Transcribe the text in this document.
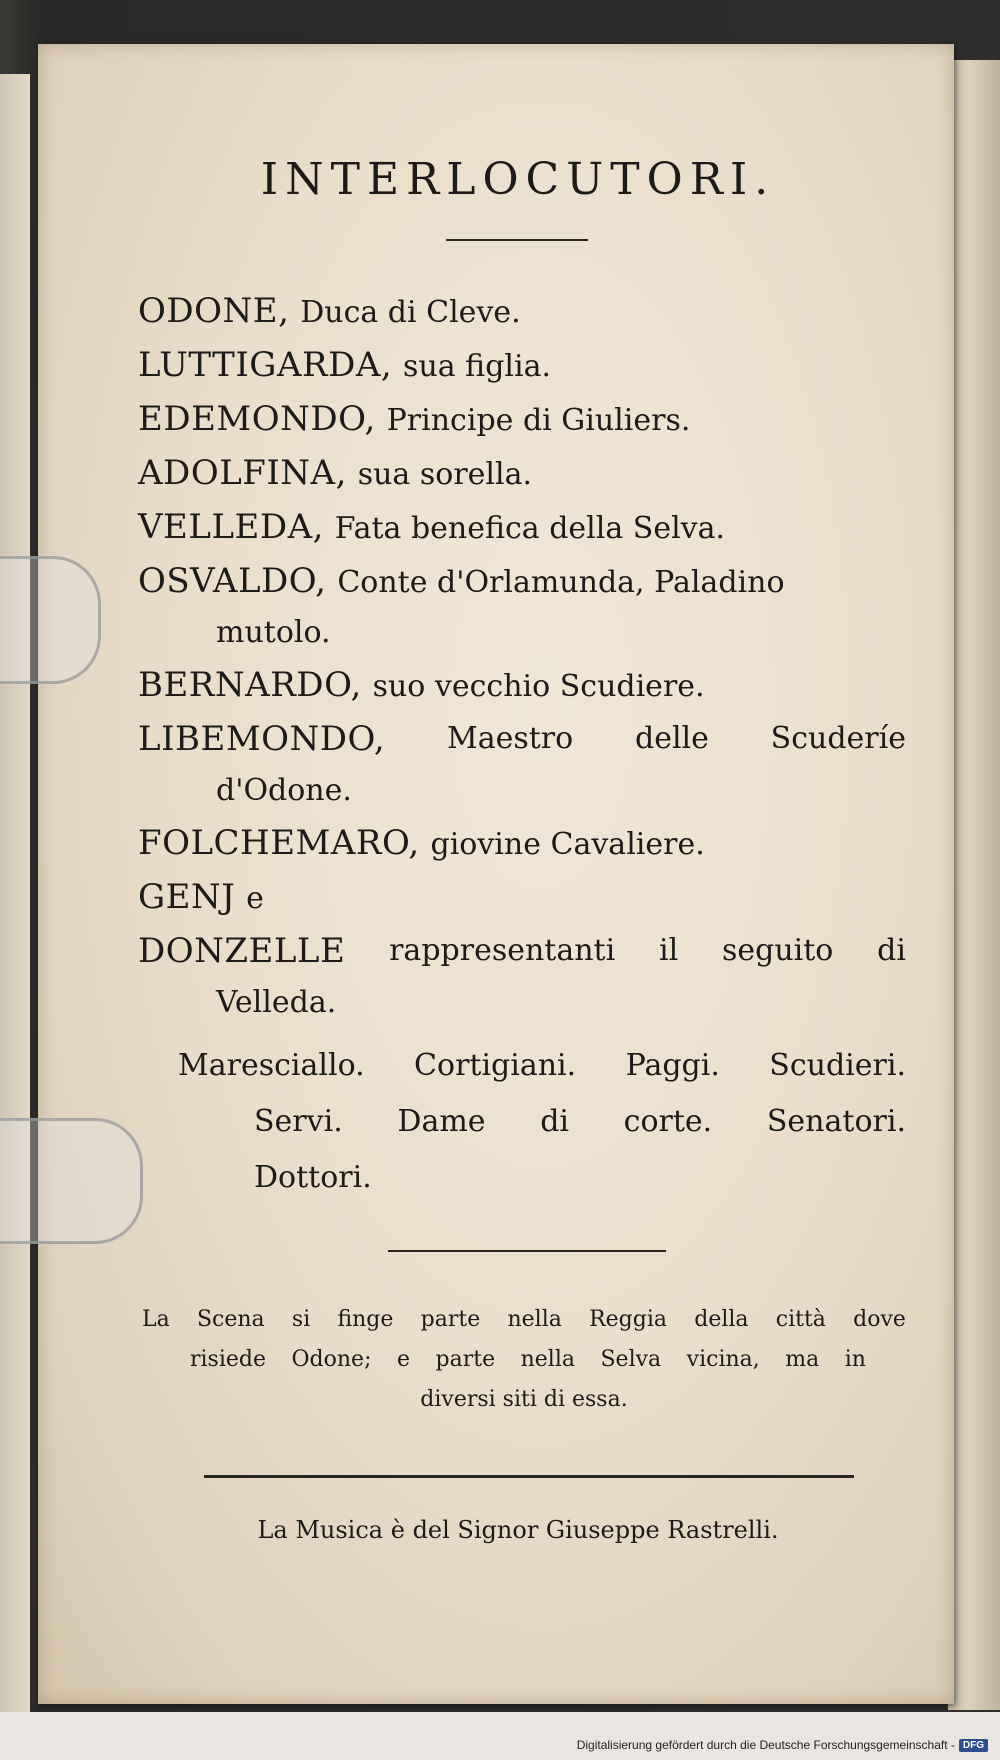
INTERLOCUTORI.
ODONE, Duca di Cleve.
LUTTIGARDA, sua figlia.
EDEMONDO, Principe di Giuliers.
ADOLFINA, sua sorella.
VELLEDA, Fata benefica della Selva.
OSVALDO, Conte d'Orlamunda, Paladino
mutolo.
BERNARDO, suo vecchio Scudiere.
LIBEMONDO, Maestro delle Scuderíe
d'Odone.
FOLCHEMARO, giovine Cavaliere.
GENJ e
DONZELLE rappresentanti il seguito di
Velleda.
Maresciallo. Cortigiani. Paggi. Scudieri.
Servi. Dame di corte. Senatori.
Dottori.
La Scena si finge parte nella Reggia della città dove
risiede Odone; e parte nella Selva vicina, ma in
diversi siti di essa.
La Musica è del Signor Giuseppe Rastrelli.
Digitalisierung gefördert durch die Deutsche Forschungsgemeinschaft - DFG
